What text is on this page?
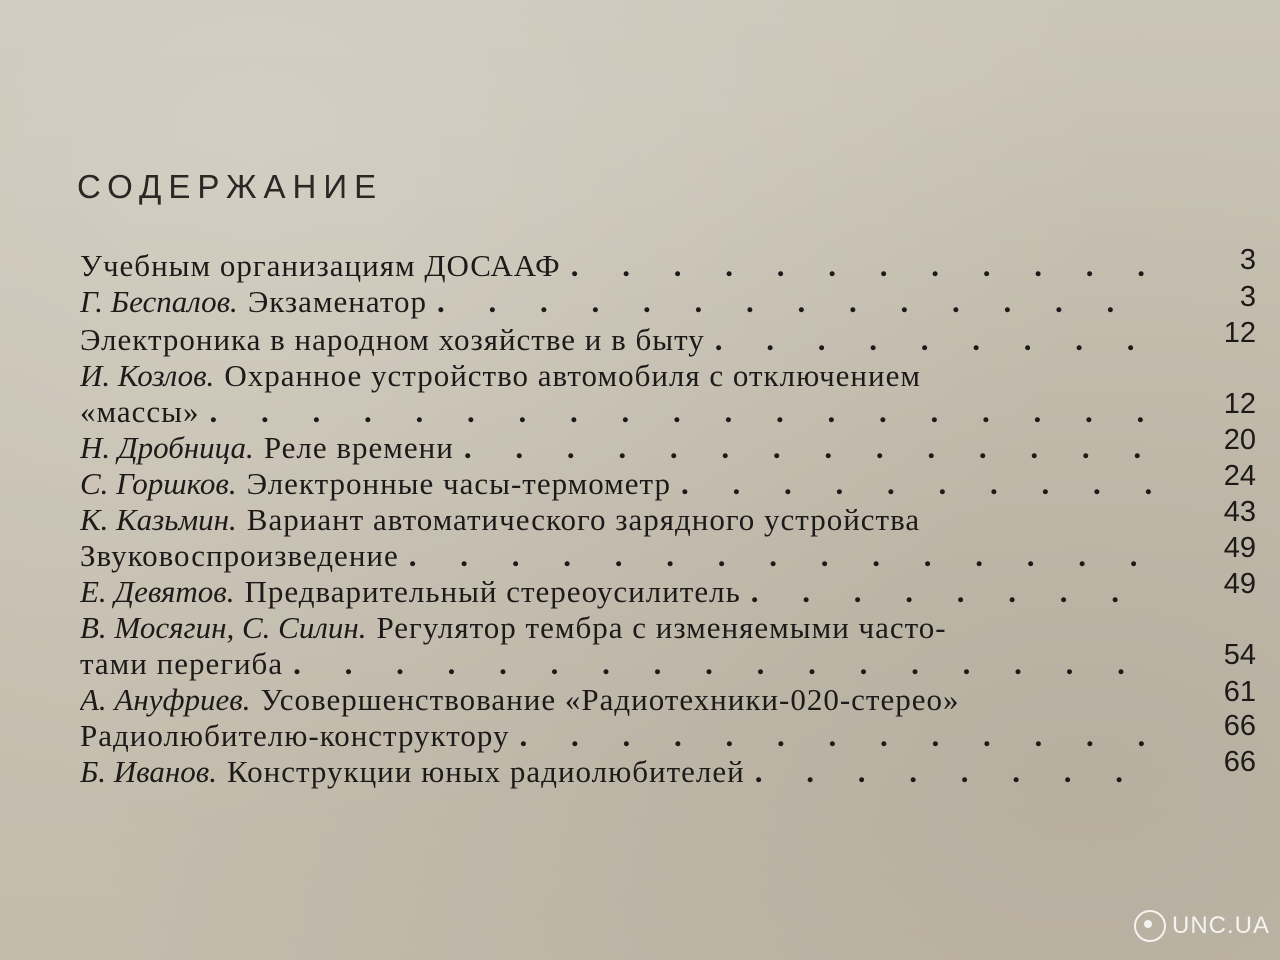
СОДЕРЖАНИЕ
Учебным организациям ДОСААФ . . .	3
Г. Беспалов. Экзаменатор . . .	3
Электроника в народном хозяйстве и в быту . . .	12
И. Козлов. Охранное устройство автомобиля с отключением
«массы» . . .	12
Н. Дробница. Реле времени . . .	20
С. Горшков. Электронные часы-термометр . . .	24
К. Казьмин. Вариант автоматического зарядного устройства	43
Звуковоспроизведение . . .	49
Е. Девятов. Предварительный стереоусилитель . . .	49
В. Мосягин, С. Силин. Регулятор тембра с изменяемыми часто-
тами перегиба . . .	54
А. Ануфриев. Усовершенствование «Радиотехники-020-стерео»	61
Радиолюбителю-конструктору . . .	66
Б. Иванов. Конструкции юных радиолюбителей . . .	66
UNC.UA
